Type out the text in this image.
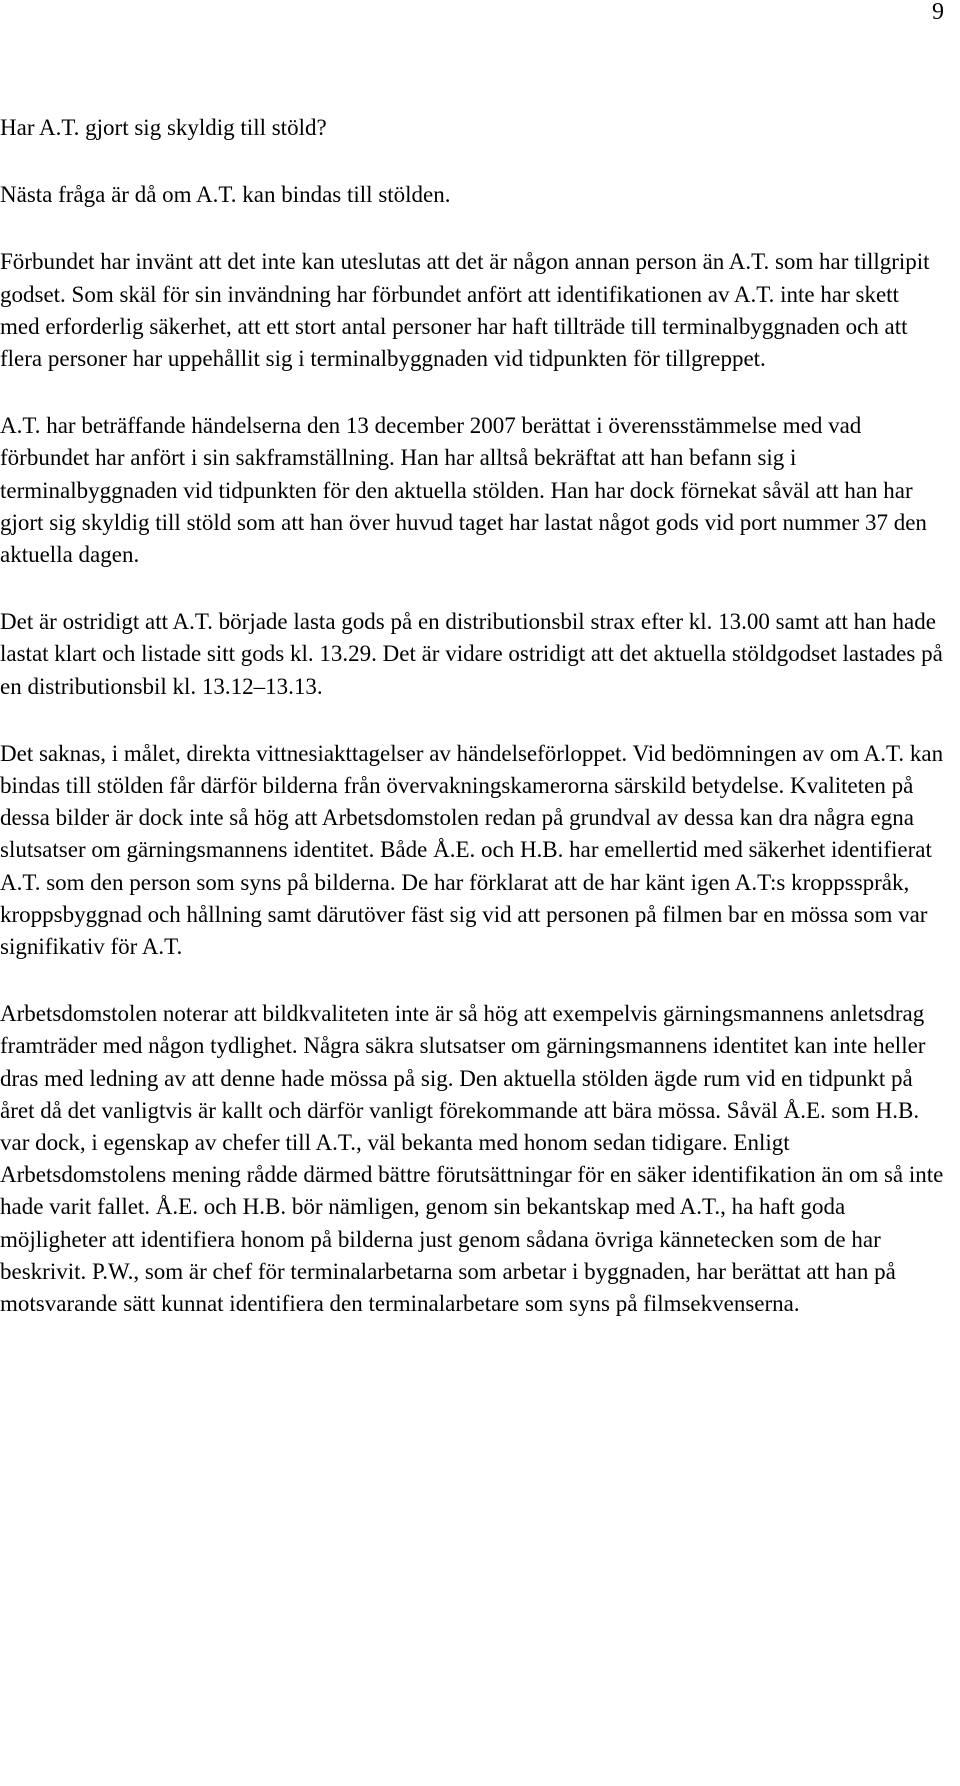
9

Har A.T. gjort sig skyldig till stöld?

Nästa fråga är då om A.T. kan bindas till stölden.

Förbundet har invänt att det inte kan uteslutas att det är någon annan person än A.T. som har tillgripit godset. Som skäl för sin invändning har förbundet anfört att identifikationen av A.T. inte har skett med erforderlig säkerhet, att ett stort antal personer har haft tillträde till terminalbyggnaden och att flera personer har uppehållit sig i terminalbyggnaden vid tidpunkten för tillgreppet.

A.T. har beträffande händelserna den 13 december 2007 berättat i överensstämmelse med vad förbundet har anfört i sin sakframställning. Han har alltså bekräftat att han befann sig i terminalbyggnaden vid tidpunkten för den aktuella stölden. Han har dock förnekat såväl att han har gjort sig skyldig till stöld som att han över huvud taget har lastat något gods vid port nummer 37 den aktuella dagen.

Det är ostridigt att A.T. började lasta gods på en distributionsbil strax efter kl. 13.00 samt att han hade lastat klart och listade sitt gods kl. 13.29. Det är vidare ostridigt att det aktuella stöldgodset lastades på en distributionsbil kl. 13.12–13.13.

Det saknas, i målet, direkta vittnesiakttagelser av händelseförloppet. Vid bedömningen av om A.T. kan bindas till stölden får därför bilderna från övervakningskamerorna särskild betydelse. Kvaliteten på dessa bilder är dock inte så hög att Arbetsdomstolen redan på grundval av dessa kan dra några egna slutsatser om gärningsmannens identitet. Både Å.E. och H.B. har emellertid med säkerhet identifierat A.T. som den person som syns på bilderna. De har förklarat att de har känt igen A.T:s kroppsspråk, kroppsbyggnad och hållning samt därutöver fäst sig vid att personen på filmen bar en mössa som var signifikativ för A.T.

Arbetsdomstolen noterar att bildkvaliteten inte är så hög att exempelvis gärningsmannens anletsdrag framträder med någon tydlighet. Några säkra slutsatser om gärningsmannens identitet kan inte heller dras med ledning av att denne hade mössa på sig. Den aktuella stölden ägde rum vid en tidpunkt på året då det vanligtvis är kallt och därför vanligt förekommande att bära mössa. Såväl Å.E. som H.B. var dock, i egenskap av chefer till A.T., väl bekanta med honom sedan tidigare. Enligt Arbetsdomstolens mening rådde därmed bättre förutsättningar för en säker identifikation än om så inte hade varit fallet. Å.E. och H.B. bör nämligen, genom sin bekantskap med A.T., ha haft goda möjligheter att identifiera honom på bilderna just genom sådana övriga kännetecken som de har beskrivit. P.W., som är chef för terminalarbetarna som arbetar i byggnaden, har berättat att han på motsvarande sätt kunnat identifiera den terminalarbetare som syns på filmsekvenserna.
